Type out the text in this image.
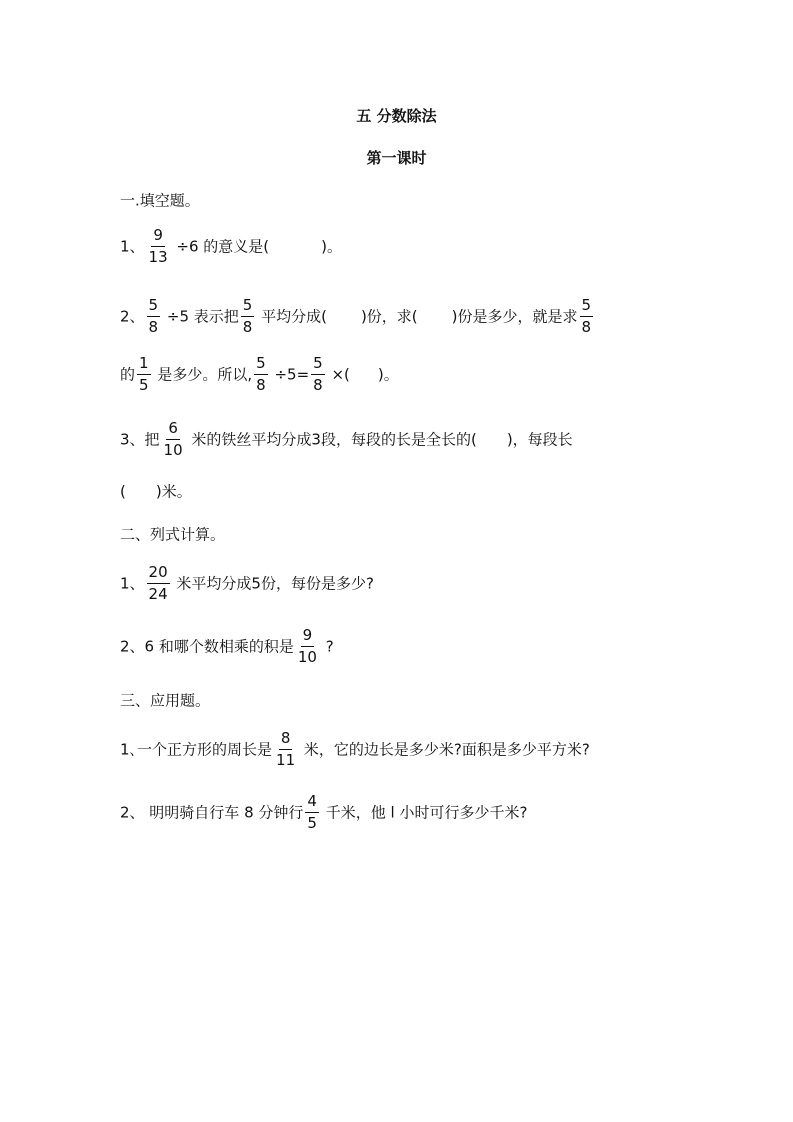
五 分数除法
第一课时
一.填空题。
1、 $\frac{9}{13} \div 6$ 的意义是(	)。
2、 $\frac{5}{8} \div 5$ 表示把 $\frac{5}{8}$ 平均分成( )份，求( )份是多少，就是求 $\frac{5}{8}$
的 $\frac{1}{5}$ 是多少。所以, $\frac{5}{8} \div 5= \frac{5}{8}$ ×( )。
3、把 $\frac{6}{10}$ 米的铁丝平均分成3段，每段的长是全长的( )，每段长
( )米。
二、列式计算。
1、 $\frac{20}{24}$ 米平均分成5份，每份是多少?
2、6 和哪个数相乘的积是 $\frac{9}{10}$ ?
三、应用题。
1､一个正方形的周长是 $\frac{8}{11}$ 米，它的边长是多少米?面积是多少平方米?
2、 明明骑自行车 8 分钟行 $\frac{4}{5}$ 千米，他 l 小时可行多少千米?
